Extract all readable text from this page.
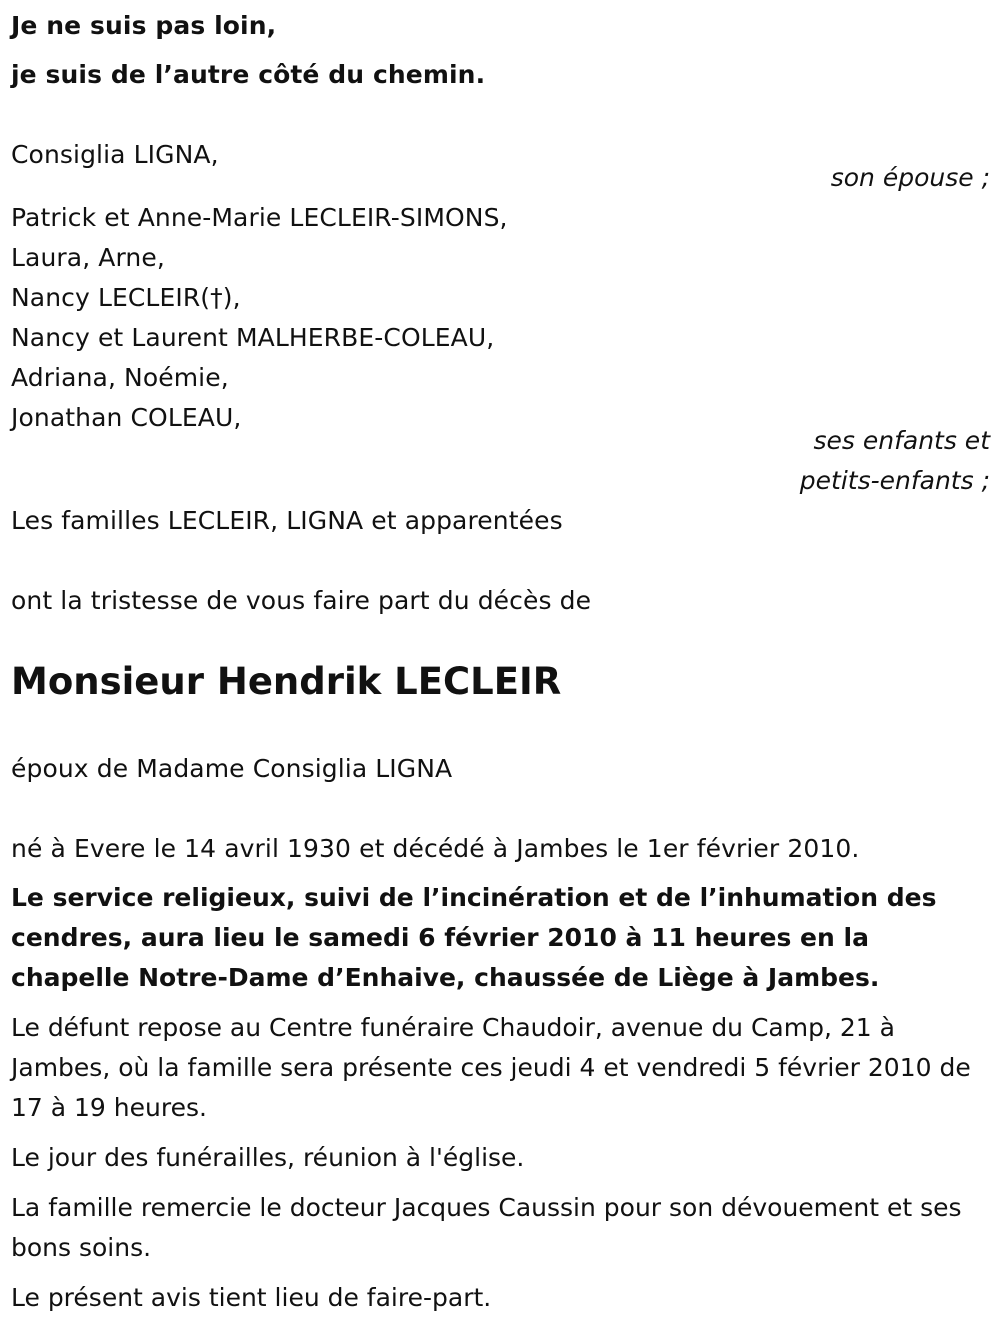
Je ne suis pas loin,

je suis de l’autre côté du chemin.

Consiglia LIGNA,

son épouse ;

Patrick et Anne-Marie LECLEIR-SIMONS,

Laura, Arne,

Nancy LECLEIR(†),

Nancy et Laurent MALHERBE-COLEAU,

Adriana, Noémie,

Jonathan COLEAU,

ses enfants et

petits-enfants ;

Les familles LECLEIR, LIGNA et apparentées

ont la tristesse de vous faire part du décès de

Monsieur Hendrik LECLEIR

époux de Madame Consiglia LIGNA

né à Evere le 14 avril 1930 et décédé à Jambes le 1er février 2010.

Le service religieux, suivi de l’incinération et de l’inhumation des cendres, aura lieu le samedi 6 février 2010 à 11 heures en la chapelle Notre-Dame d’Enhaive, chaussée de Liège à Jambes.

Le défunt repose au Centre funéraire Chaudoir, avenue du Camp, 21 à Jambes, où la famille sera présente ces jeudi 4 et vendredi 5 février 2010 de 17 à 19 heures.

Le jour des funérailles, réunion à l'église.

La famille remercie le docteur Jacques Caussin pour son dévouement et ses bons soins.

Le présent avis tient lieu de faire-part.
